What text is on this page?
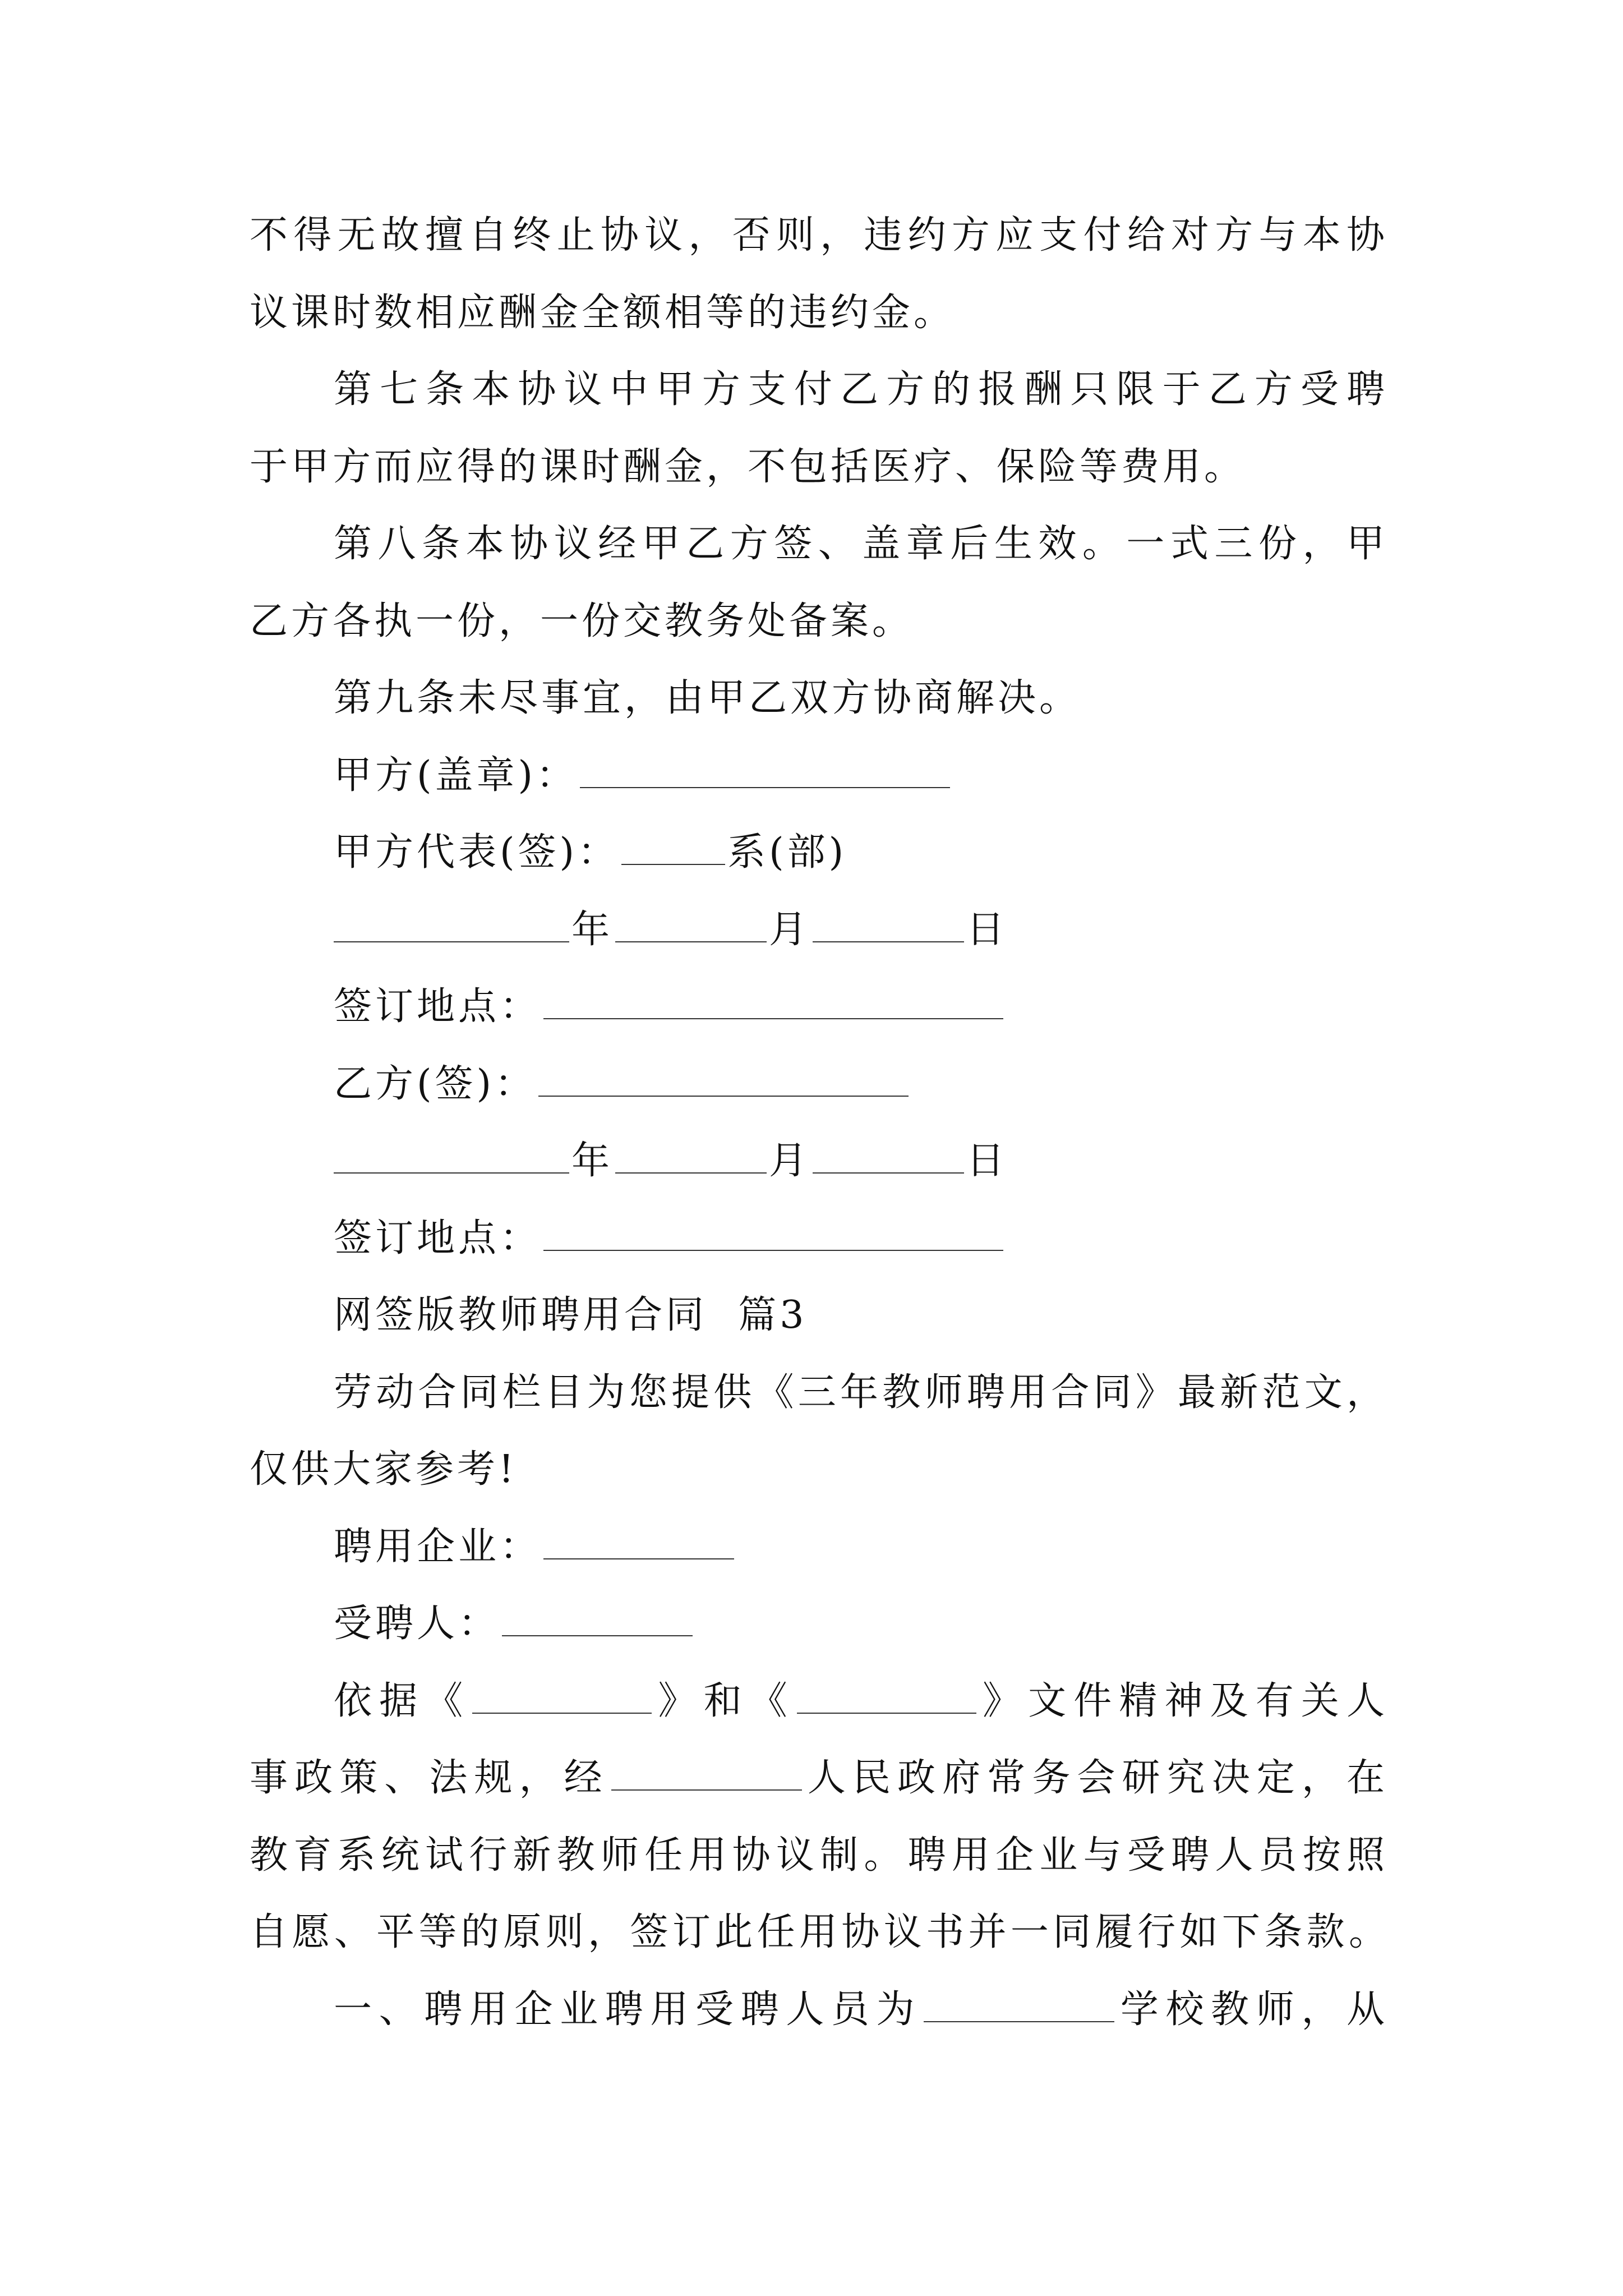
不得无故擅自终止协议，否则，违约方应支付给对方与本协
议课时数相应酬金全额相等的违约金。
第七条本协议中甲方支付乙方的报酬只限于乙方受聘
于甲方而应得的课时酬金，不包括医疗、保险等费用。
第八条本协议经甲乙方签、盖章后生效。一式三份，甲
乙方各执一份，一份交教务处备案。
第九条未尽事宜，由甲乙双方协商解决。
甲方(盖章)：
甲方代表(签)：	系(部)
年	月	日
签订地点：
乙方(签)：
年	月	日
签订地点：
网签版教师聘用合同  篇3
劳动合同栏目为您提供《三年教师聘用合同》最新范文，
仅供大家参考!
聘用企业：
受聘人：
依据《	》和《	》文件精神及有关人
事政策、法规，经	人民政府常务会研究决定，在
教育系统试行新教师任用协议制。聘用企业与受聘人员按照
自愿、平等的原则，签订此任用协议书并一同履行如下条款。
一、聘用企业聘用受聘人员为	学校教师，从
